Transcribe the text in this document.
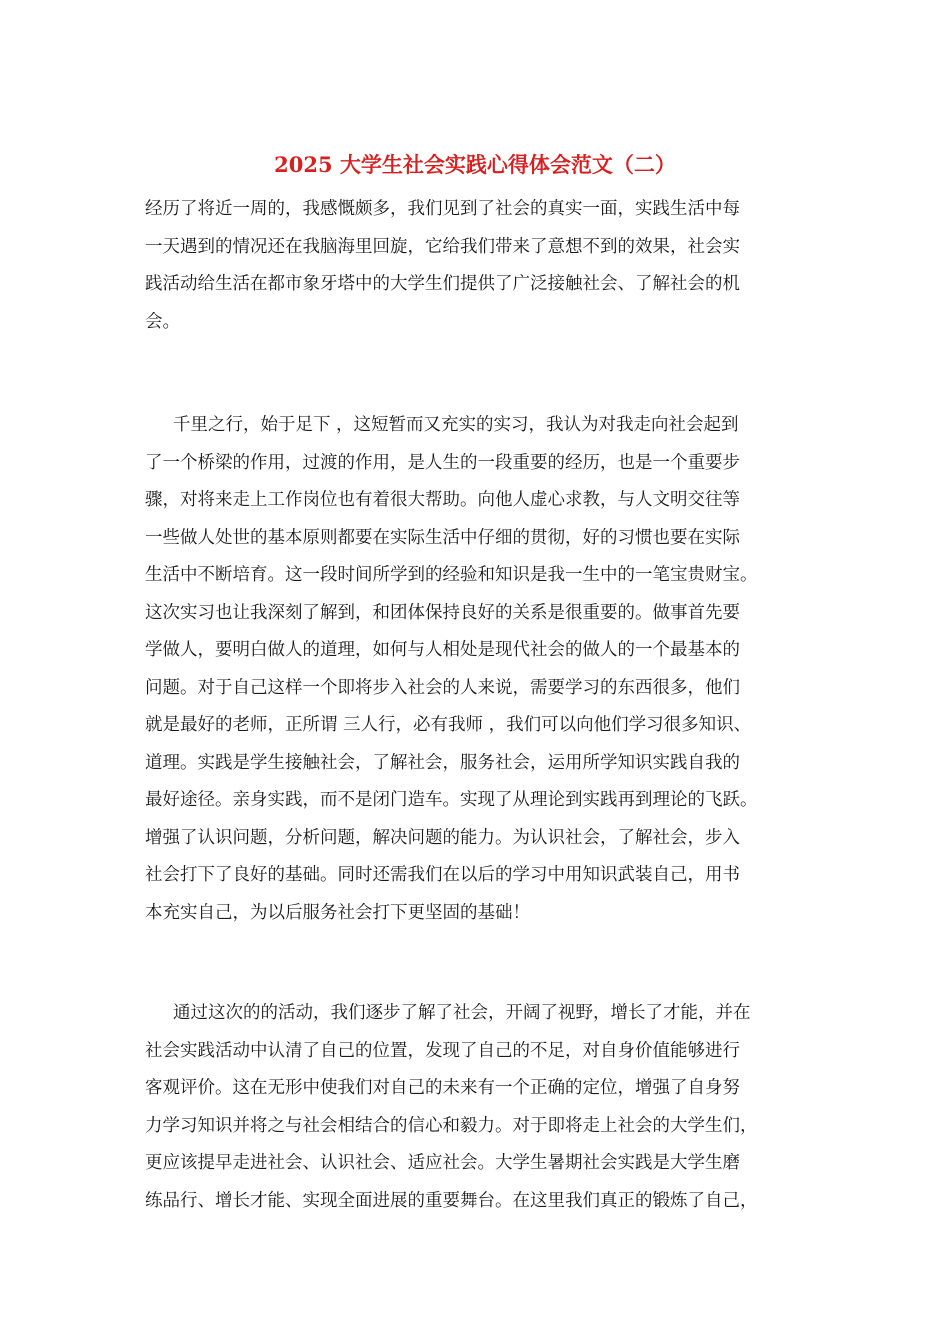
2025 大学生社会实践心得体会范文（二）
经历了将近一周的，我感慨颇多，我们见到了社会的真实一面，实践生活中每
一天遇到的情况还在我脑海里回旋，它给我们带来了意想不到的效果，社会实
践活动给生活在都市象牙塔中的大学生们提供了广泛接触社会、了解社会的机
会。
千里之行，始于足下 ，这短暂而又充实的实习，我认为对我走向社会起到
了一个桥梁的作用，过渡的作用，是人生的一段重要的经历，也是一个重要步
骤，对将来走上工作岗位也有着很大帮助。向他人虚心求教，与人文明交往等
一些做人处世的基本原则都要在实际生活中仔细的贯彻，好的习惯也要在实际
生活中不断培育。这一段时间所学到的经验和知识是我一生中的一笔宝贵财宝。
这次实习也让我深刻了解到，和团体保持良好的关系是很重要的。做事首先要
学做人，要明白做人的道理，如何与人相处是现代社会的做人的一个最基本的
问题。对于自己这样一个即将步入社会的人来说，需要学习的东西很多，他们
就是最好的老师，正所谓 三人行，必有我师 ，我们可以向他们学习很多知识、
道理。实践是学生接触社会，了解社会，服务社会，运用所学知识实践自我的
最好途径。亲身实践，而不是闭门造车。实现了从理论到实践再到理论的飞跃。
增强了认识问题，分析问题，解决问题的能力。为认识社会，了解社会，步入
社会打下了良好的基础。同时还需我们在以后的学习中用知识武装自己，用书
本充实自己，为以后服务社会打下更坚固的基础！
通过这次的的活动，我们逐步了解了社会，开阔了视野，增长了才能，并在
社会实践活动中认清了自己的位置，发现了自己的不足，对自身价值能够进行
客观评价。这在无形中使我们对自己的未来有一个正确的定位，增强了自身努
力学习知识并将之与社会相结合的信心和毅力。对于即将走上社会的大学生们，
更应该提早走进社会、认识社会、适应社会。大学生暑期社会实践是大学生磨
练品行、增长才能、实现全面进展的重要舞台。在这里我们真正的锻炼了自己，
